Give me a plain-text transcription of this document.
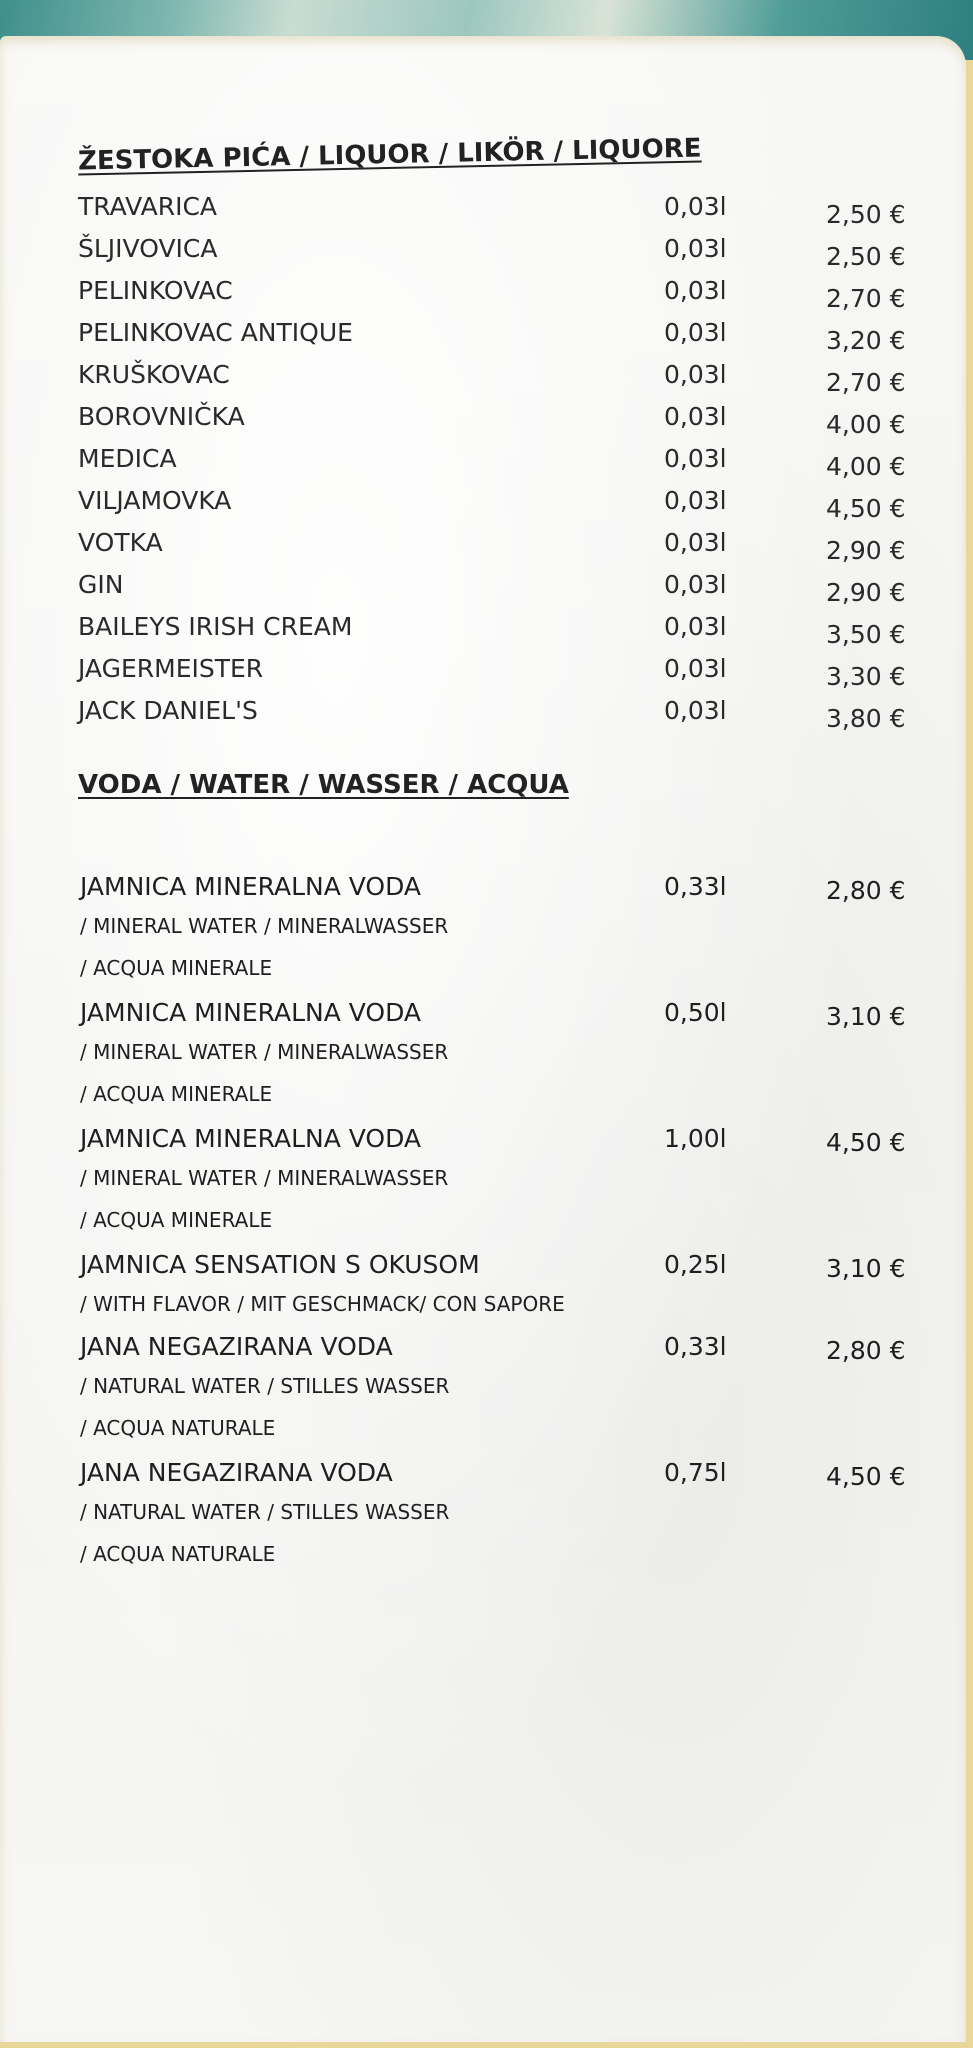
ŽESTOKA PIĆA / LIQUOR / LIKÖR / LIQUORE
TRAVARICA	0,03l	2,50 €
ŠLJIVOVICA	0,03l	2,50 €
PELINKOVAC	0,03l	2,70 €
PELINKOVAC ANTIQUE	0,03l	3,20 €
KRUŠKOVAC	0,03l	2,70 €
BOROVNIČKA	0,03l	4,00 €
MEDICA	0,03l	4,00 €
VILJAMOVKA	0,03l	4,50 €
VOTKA	0,03l	2,90 €
GIN	0,03l	2,90 €
BAILEYS IRISH CREAM	0,03l	3,50 €
JAGERMEISTER	0,03l	3,30 €
JACK DANIEL'S	0,03l	3,80 €
VODA / WATER / WASSER / ACQUA
JAMNICA MINERALNA VODA
/ MINERAL WATER / MINERALWASSER
/ ACQUA MINERALE
0,33l	2,80 €
JAMNICA MINERALNA VODA
/ MINERAL WATER / MINERALWASSER
/ ACQUA MINERALE
0,50l	3,10 €
JAMNICA MINERALNA VODA
/ MINERAL WATER / MINERALWASSER
/ ACQUA MINERALE
1,00l	4,50 €
JAMNICA SENSATION S OKUSOM
/ WITH FLAVOR / MIT GESCHMACK/ CON SAPORE
0,25l	3,10 €
JANA NEGAZIRANA VODA
/ NATURAL WATER / STILLES WASSER
/ ACQUA NATURALE
0,33l	2,80 €
JANA NEGAZIRANA VODA
/ NATURAL WATER / STILLES WASSER
/ ACQUA NATURALE
0,75l	4,50 €
